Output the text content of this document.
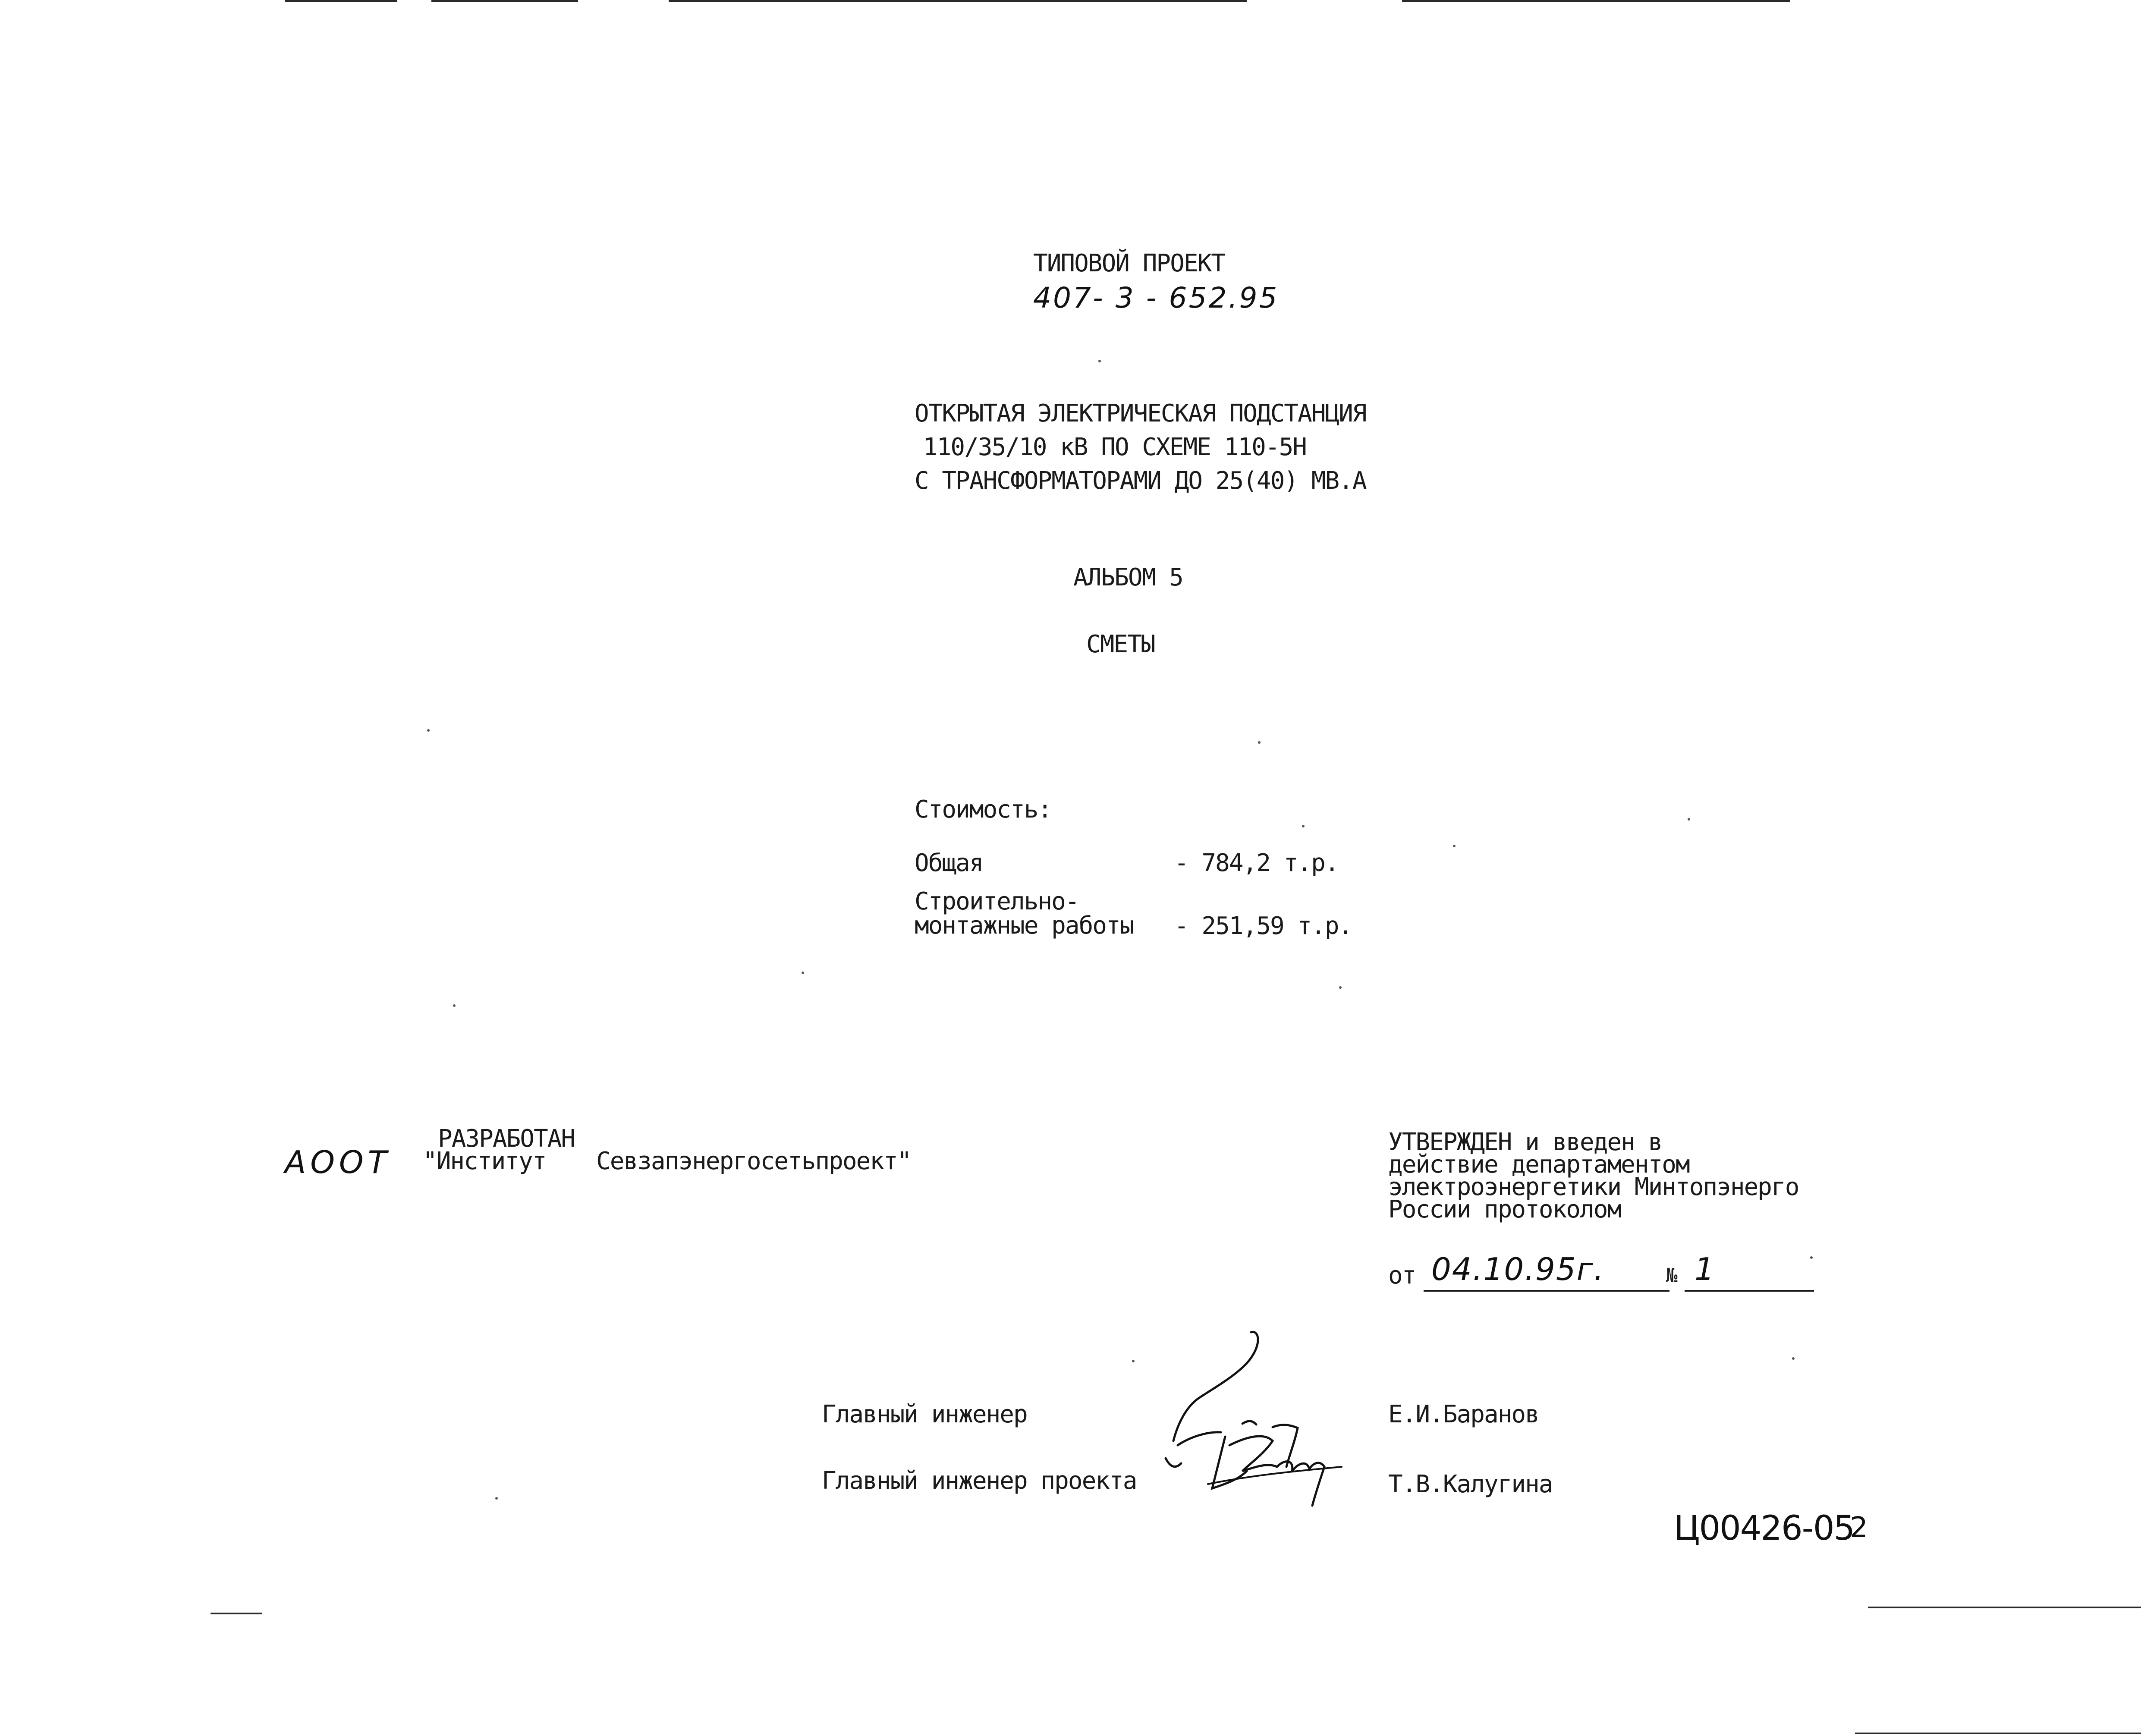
ТИПОВОЙ ПРОЕКТ
407- 3 - 652.95
ОТКРЫТАЯ ЭЛЕКТРИЧЕСКАЯ ПОДСТАНЦИЯ
110/35/10 кВ ПО СХЕМЕ 110-5Н
С ТРАНСФОРМАТОРАМИ ДО 25(40) МВ.А
АЛЬБОМ 5
СМЕТЫ
Стоимость:
Общая	- 784,2 т.р.
Строительно-
монтажные работы - 251,59 т.р.
АООТ
РАЗРАБОТАН
"Институт Севзапэнергосетьпроект"
УТВЕРЖДЕН и введен в
действие департаментом
электроэнергетики Минтопэнерго
России протоколом
от 04.10.95г.	№ 1
Главный инженер	Е.И.Баранов
Главный инженер проекта	Т.В.Калугина
Ц00426-05
2
